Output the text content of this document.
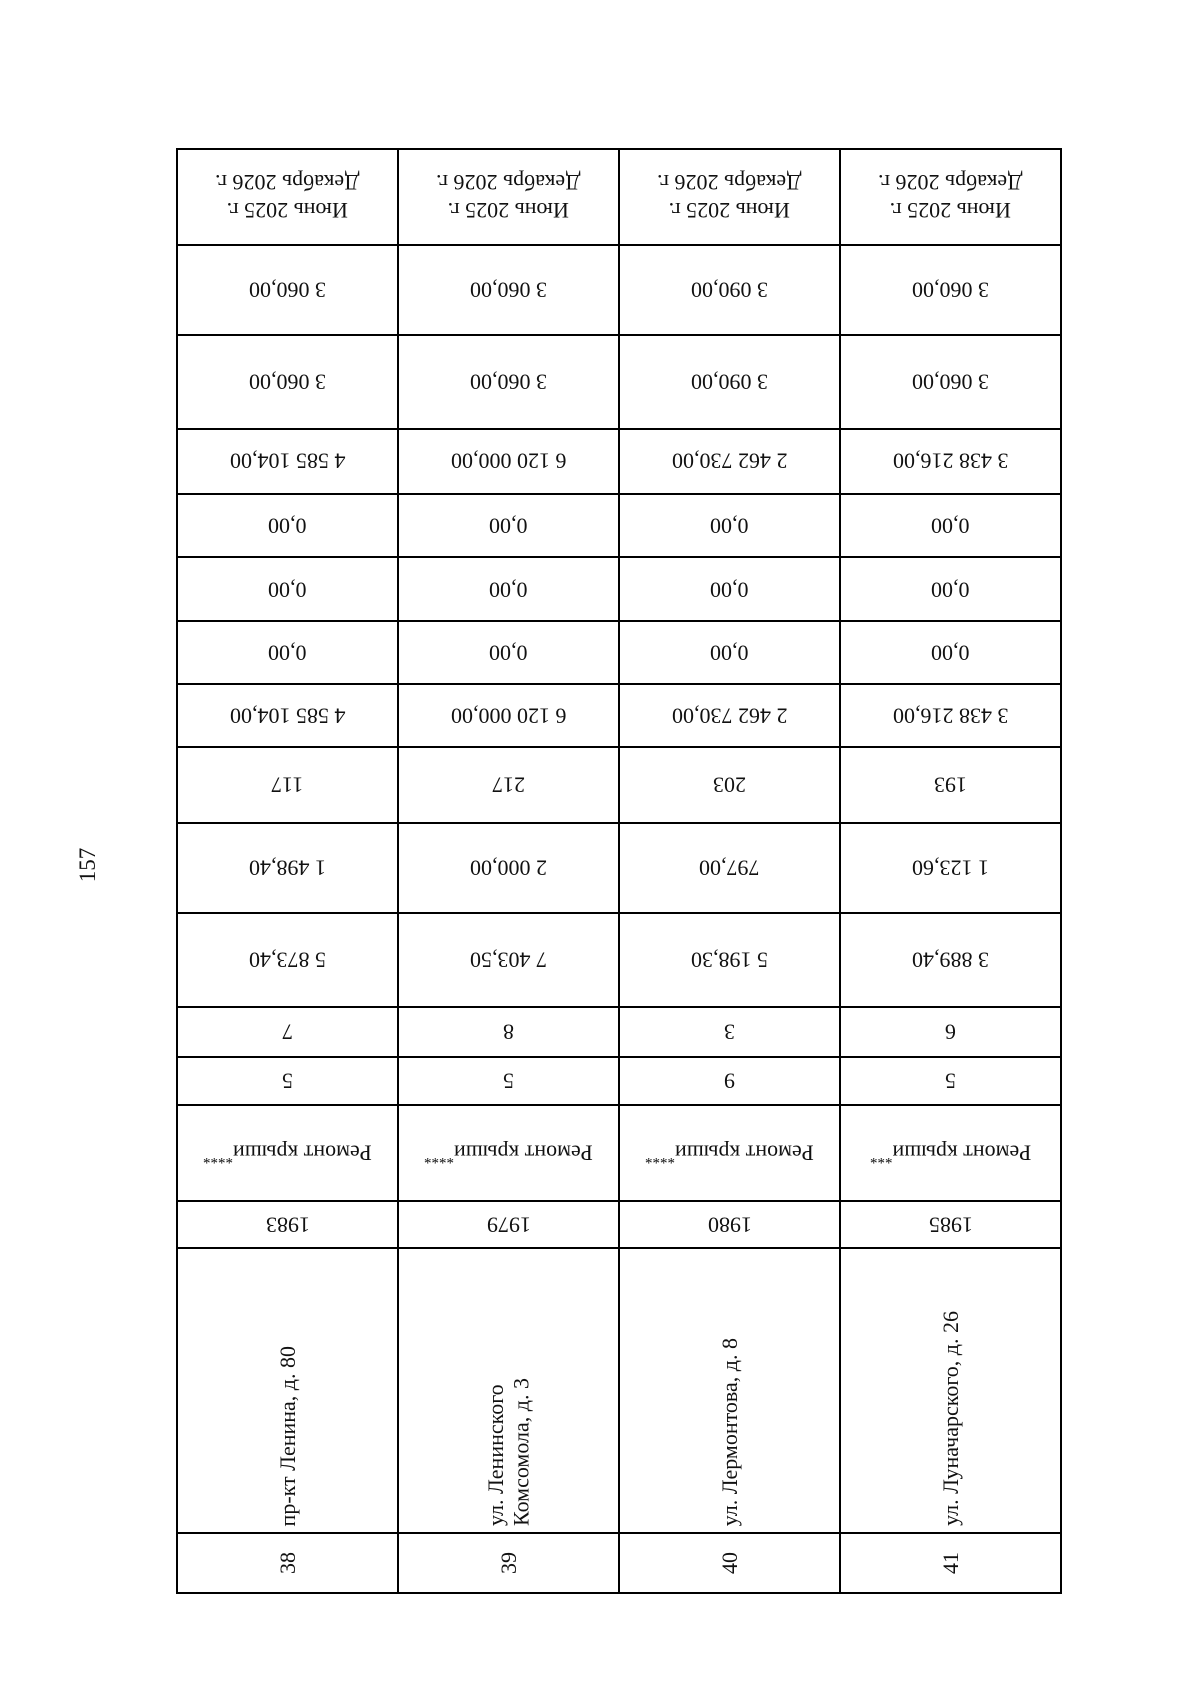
157
Июнь 2025 г.
Декабрь 2026 г.
3 060,00
3 060,00
4 585 104,00
0,00
0,00
0,00
4 585 104,00
117
1 498,40
5 873,40
7
5
Ремонт крыши****
1983
пр-кт Ленина, д. 80
38
Июнь 2025 г.
Декабрь 2026 г.
3 060,00
3 060,00
6 120 000,00
0,00
0,00
0,00
6 120 000,00
217
2 000,00
7 403,50
8
5
Ремонт крыши****
1979
ул. Ленинского
Комсомола, д. 3
39
Июнь 2025 г.
Декабрь 2026 г.
3 090,00
3 090,00
2 462 730,00
0,00
0,00
0,00
2 462 730,00
203
797,00
5 198,30
3
9
Ремонт крыши****
1980
ул. Лермонтова, д. 8
40
Июнь 2025 г.
Декабрь 2026 г.
3 060,00
3 060,00
3 438 216,00
0,00
0,00
0,00
3 438 216,00
193
1 123,60
3 889,40
6
5
Ремонт крыши***
1985
ул. Луначарского, д. 26
41
